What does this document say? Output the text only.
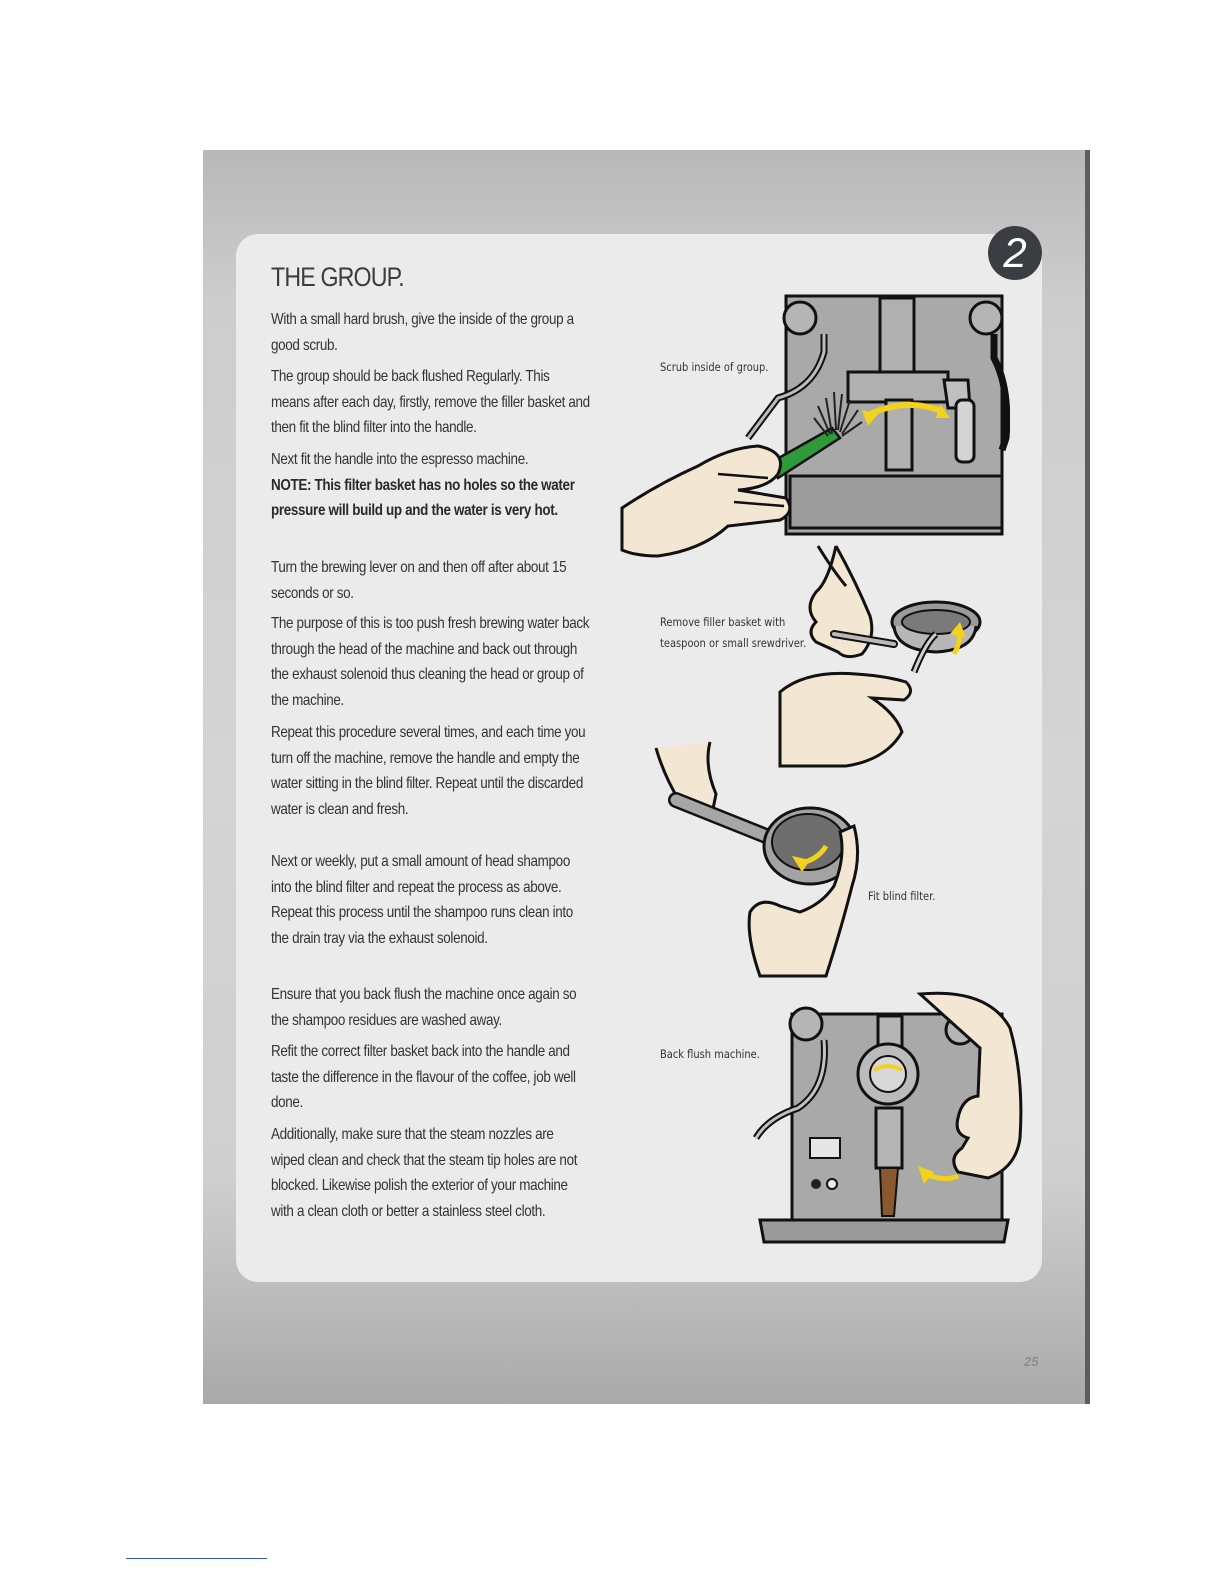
2
THE GROUP.

With a small hard brush, give the inside of the group a good scrub.

The group should be back flushed Regularly. This means after each day, firstly, remove the filler basket and then fit the blind filter into the handle.

Next fit the handle into the espresso machine.

NOTE: This filter basket has no holes so the water pressure will build up and the water is very hot.

Turn the brewing lever on and then off after about 15 seconds or so.

The purpose of this is too push fresh brewing water back through the head of the machine and back out through the exhaust solenoid thus cleaning the head or group of the machine.

Repeat this procedure several times, and each time you turn off the machine, remove the handle and empty the water sitting in the blind filter. Repeat until the discarded water is clean and fresh.

Next or weekly, put a small amount of head shampoo into the blind filter and repeat the process as above. Repeat this process until the shampoo runs clean into the drain tray via the exhaust solenoid.

Ensure that you back flush the machine once again so the shampoo residues are washed away.

Refit the correct filter basket back into the handle and taste the difference in the flavour of the coffee, job well done.

Additionally, make sure that the steam nozzles are wiped clean and check that the steam tip holes are not blocked. Likewise polish the exterior of your machine with a clean cloth or better a stainless steel cloth.

Scrub inside of group.
Remove filler basket with
teaspoon or small srewdriver.
Fit blind filter.
Back flush machine.
25
